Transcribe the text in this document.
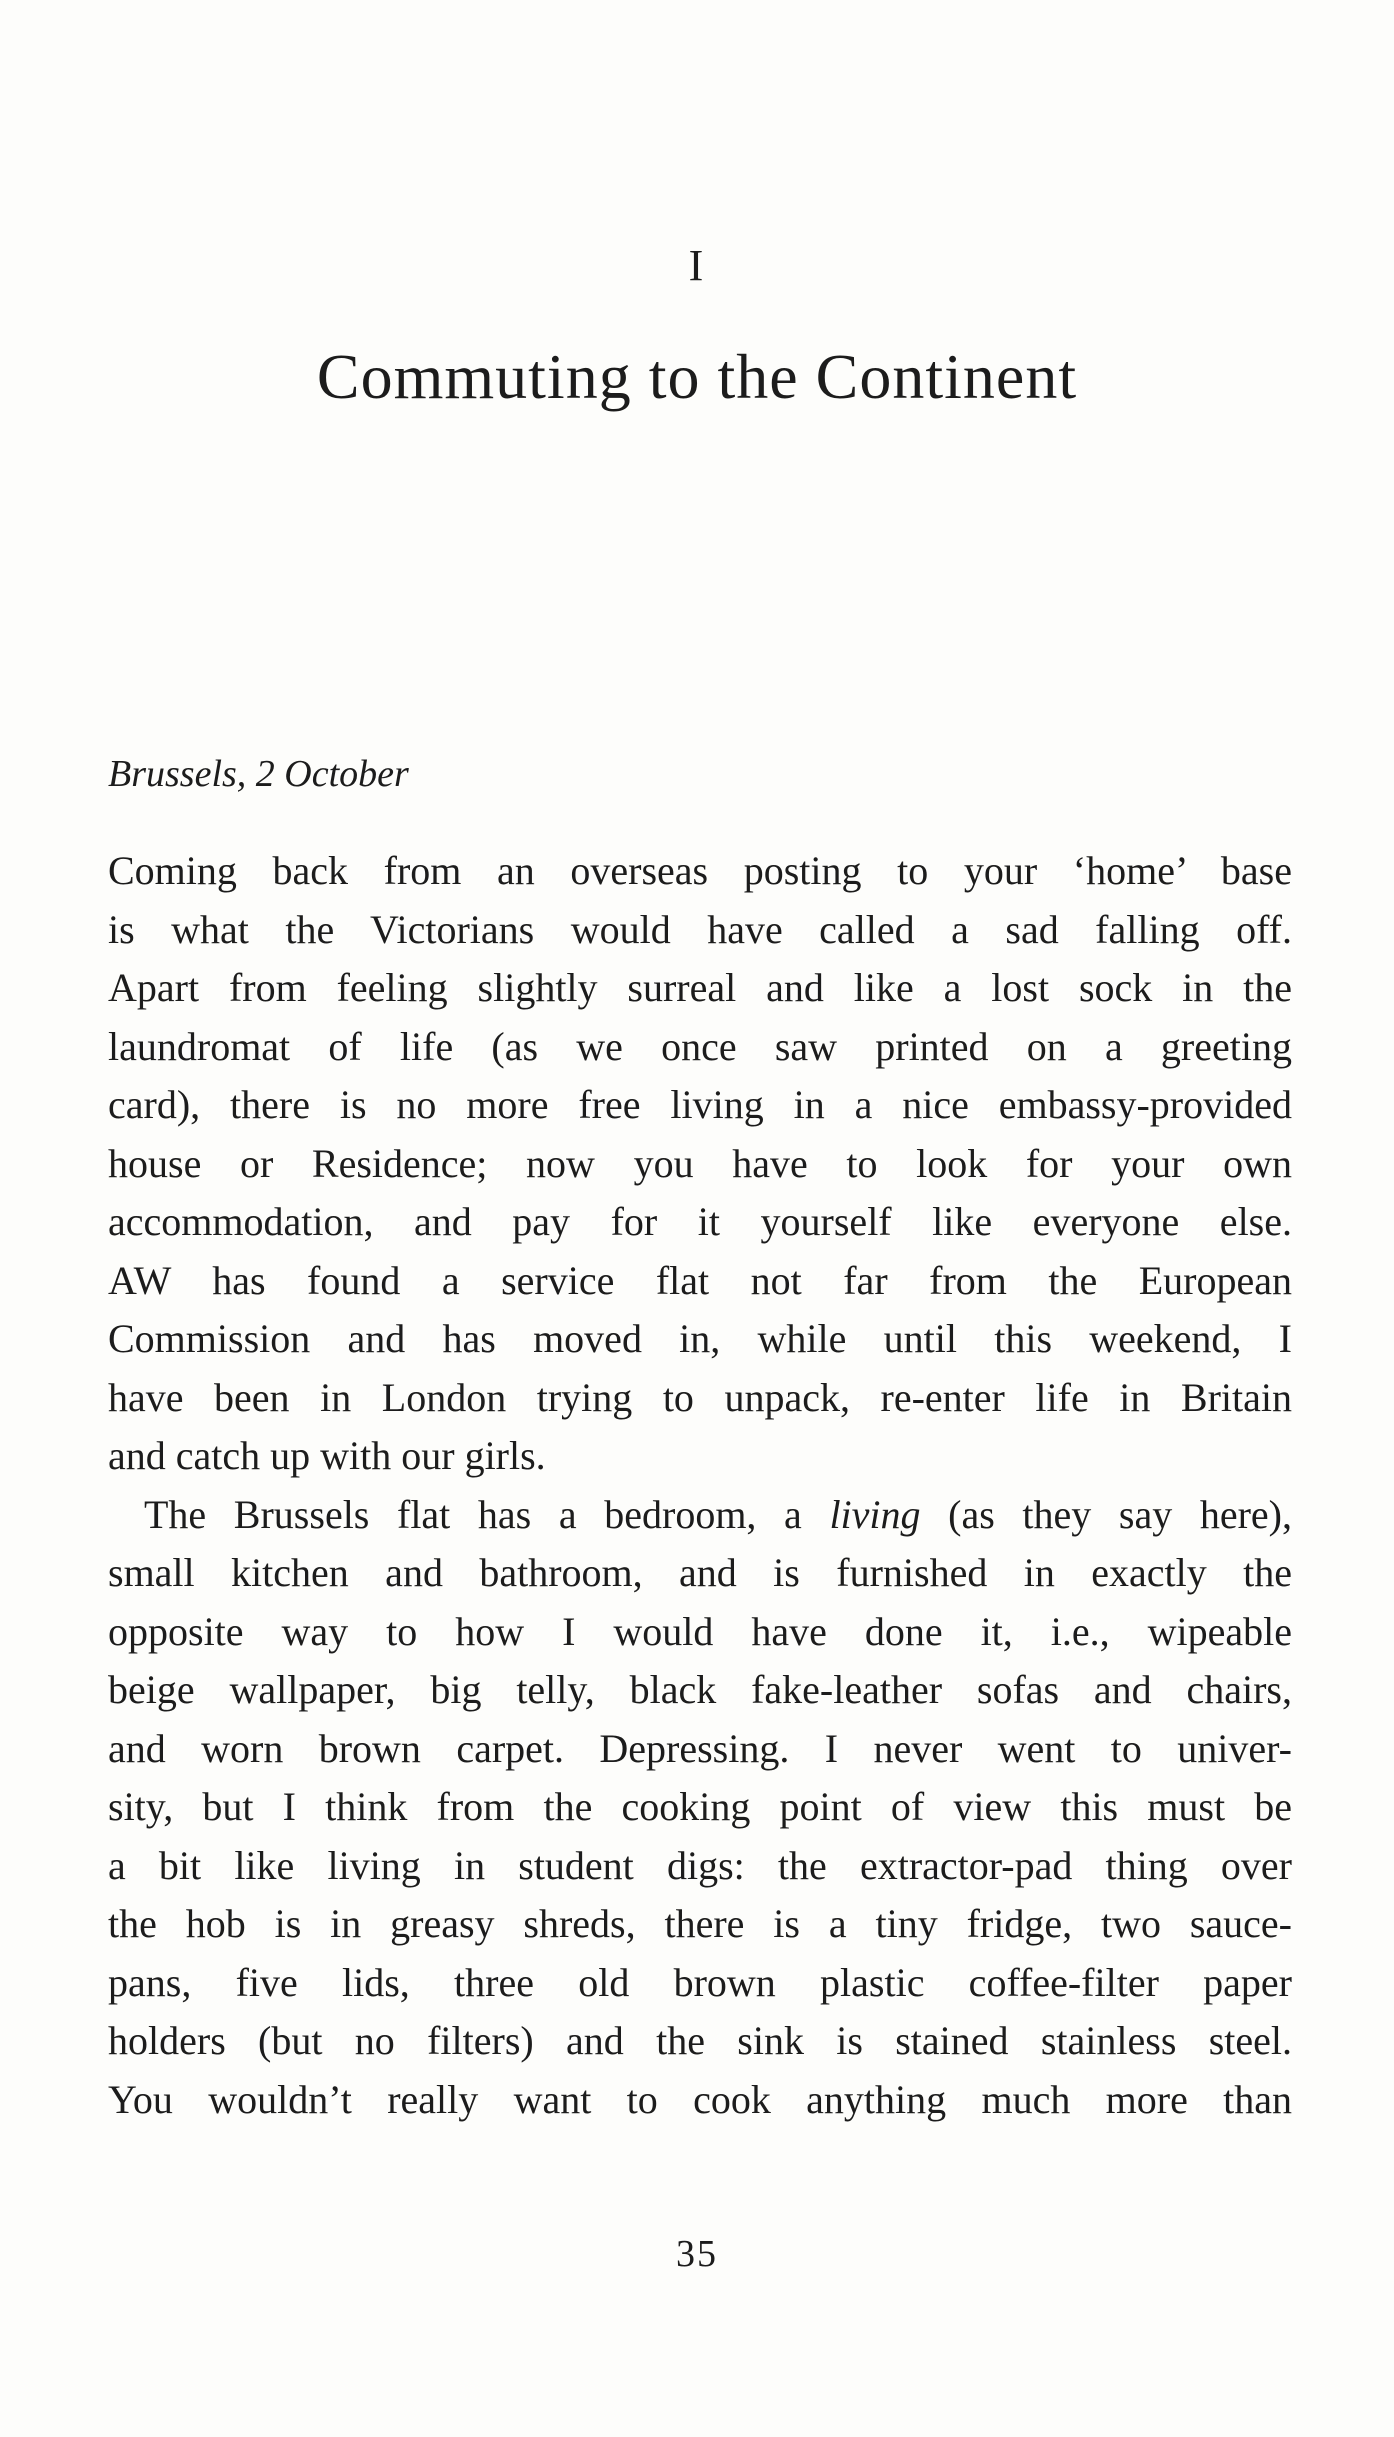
I
Commuting to the Continent
Brussels, 2 October
Coming back from an overseas posting to your ‘home’ base
is what the Victorians would have called a sad falling off.
Apart from feeling slightly surreal and like a lost sock in the
laundromat of life (as we once saw printed on a greeting
card), there is no more free living in a nice embassy-provided
house or Residence; now you have to look for your own
accommodation, and pay for it yourself like everyone else.
AW has found a service flat not far from the European
Commission and has moved in, while until this weekend, I
have been in London trying to unpack, re-enter life in Britain
and catch up with our girls.
The Brussels flat has a bedroom, a living (as they say here),
small kitchen and bathroom, and is furnished in exactly the
opposite way to how I would have done it, i.e., wipeable
beige wallpaper, big telly, black fake-leather sofas and chairs,
and worn brown carpet. Depressing. I never went to univer-
sity, but I think from the cooking point of view this must be
a bit like living in student digs: the extractor-pad thing over
the hob is in greasy shreds, there is a tiny fridge, two sauce-
pans, five lids, three old brown plastic coffee-filter paper
holders (but no filters) and the sink is stained stainless steel.
You wouldn’t really want to cook anything much more than
35
